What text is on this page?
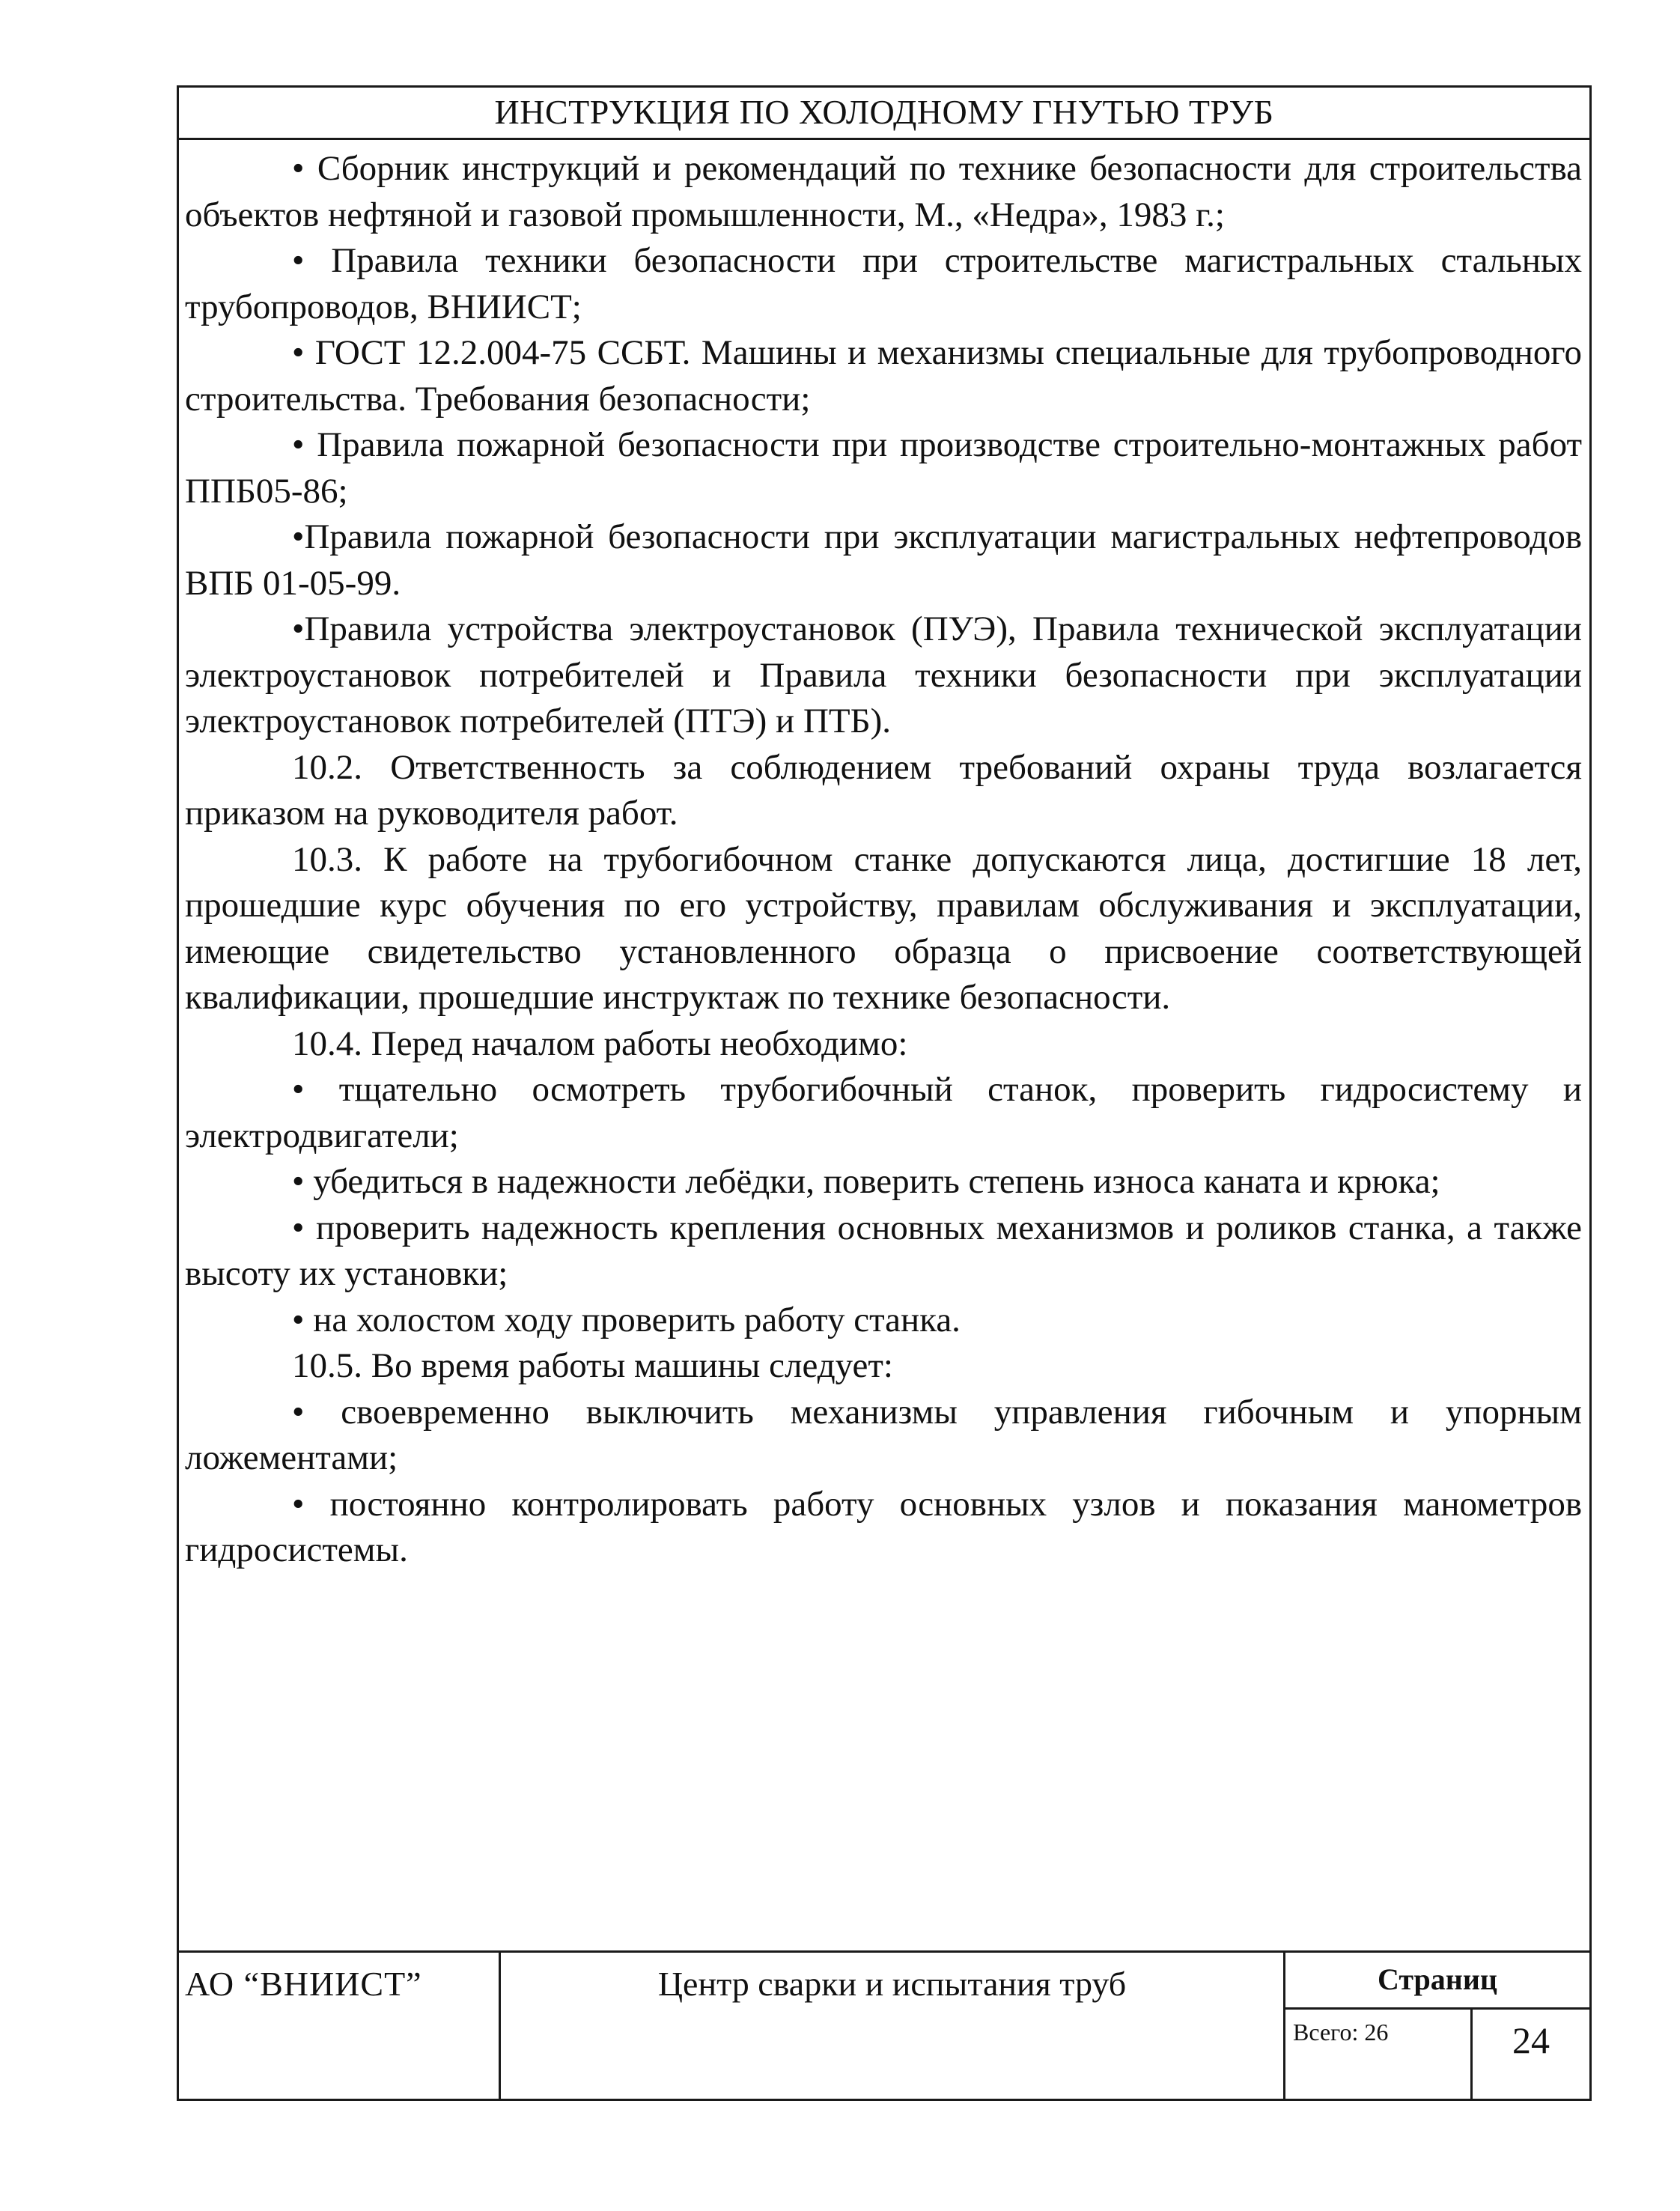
ИНСТРУКЦИЯ ПО ХОЛОДНОМУ ГНУТЬЮ ТРУБ

• Сборник инструкций и рекомендаций по технике безопасности для строительства объектов нефтяной и газовой промышленности, М., «Недра», 1983 г.;

• Правила техники безопасности при строительстве магистральных стальных трубопроводов, ВНИИСТ;

• ГОСТ 12.2.004-75 ССБТ. Машины и механизмы специальные для трубопроводного строительства. Требования безопасности;

• Правила пожарной безопасности при производстве строительно-монтажных работ ППБ05-86;

•Правила пожарной безопасности при эксплуатации магистральных нефтепроводов ВПБ 01-05-99.

•Правила устройства электроустановок (ПУЭ), Правила технической эксплуатации электроустановок потребителей и Правила техники безопасности при эксплуатации электроустановок потребителей (ПТЭ) и ПТБ).

10.2. Ответственность за соблюдением требований охраны труда возлагается приказом на руководителя работ.

10.3. К работе на трубогибочном станке допускаются лица, достигшие 18 лет, прошедшие курс обучения по его устройству, правилам обслуживания и эксплуатации, имеющие свидетельство установленного образца о присвоение соответствующей квалификации, прошедшие инструктаж по технике безопасности.

10.4. Перед началом работы необходимо:

• тщательно осмотреть трубогибочный станок, проверить гидросистему и электродвигатели;

• убедиться в надежности лебёдки, поверить степень износа каната и крюка;

• проверить надежность крепления основных механизмов и роликов станка, а также высоту их установки;

• на холостом ходу проверить работу станка.

10.5. Во время работы машины следует:

• своевременно выключить механизмы управления гибочным и упорным ложементами;

• постоянно контролировать работу основных узлов и показания манометров гидросистемы.

АО “ВНИИСТ”	Центр сварки и испытания труб	Страниц
Всего: 26	24
